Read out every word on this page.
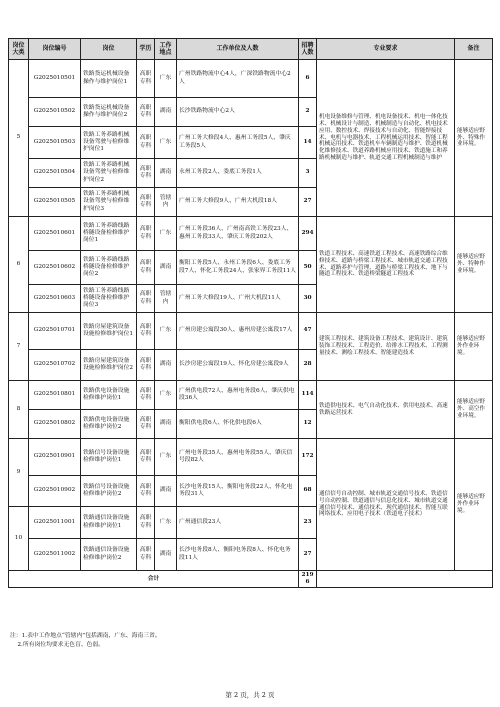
岗位大类	岗位编号	岗位	学历	工作地点	工作单位及人数	招聘人数	专业要求	备注
5	G2025010501	铁路货运机械设备操作与维护岗位1	高职专科	广东	广州铁路物流中心4人，广深铁路物流中心2人	6	机电设备维修与管理、机电设备技术、机电一体化技术、机械设计与制造、机械制造与自动化、机电技术应用、数控技术、焊接技术与自动化、智能焊接技术、电机与电器技术、工程机械运用技术、智能工程机械运用技术、铁道机车车辆制造与维护、铁道机械化维修技术、铁道养路机械应用技术、铁道施工和养路机械制造与维护、轨道交通工程机械制造与维护	能够适应野外、特殊作业环境。
	G2025010502	铁路货运机械设备操作与维护岗位2	高职专科	湖南	长沙铁路物流中心2人	2		
	G2025010503	铁路工务养路机械设备驾驶与检修维护岗位1	高职专科	广东	广州工务大修段4人、惠州工务段5人、肇庆工务段5人	14		
	G2025010504	铁路工务养路机械设备驾驶与检修维护岗位2	高职专科	湖南	永州工务段2人、娄底工务段1人	3		
	G2025010505	铁路工务养路机械设备驾驶与检修维护岗位3	高职专科	管辖内	广州工务大修段9人、广州大机段18人	27		
6	G2025010601	铁路工务养路线路桥隧设备检修维护岗位1	高职专科	广东	广州工务段36人、广州南高铁工务段23人、惠州工务段33人、肇庆工务段202人	294	铁道工程技术、高速铁道工程技术、高速铁路综合维修技术、道路与桥梁工程技术、城市轨道交通工程技术、道路养护与管理、道路与桥梁工程技术、地下与隧道工程技术、铁道桥梁隧道工程技术	能够适应野外、特种作业环境。
	G2025010602	铁路工务养路线路桥隧设备检修维护岗位2	高职专科	湖南	衡阳工务段5人、永州工务段6人、娄底工务段7人、怀化工务段24人、张家界工务段11人	50		
	G2025010603	铁路工务养路线路桥隧设备检修维护岗位3	高职专科	管辖内	广州工务大修段19人、广州大机段11人	30		
7	G2025010701	铁路房屋建筑设备设施检修维护岗位1	高职专科	广东	广州房建公寓段30人、惠州房建公寓段17人	47	建筑工程技术、建筑设备工程技术、建筑设计、建筑装饰工程技术、工程造价、给排水工程技术、工程测量技术、测绘工程技术、智能建造技术	能够适应野外作业环境。
	G2025010702	铁路房屋建筑设备设施检修维护岗位2	高职专科	湖南	长沙房建公寓段19人、怀化房建公寓段9人	28		
8	G2025010801	铁路供电设备设施检修维护岗位1	高职专科	广东	广州供电段72人、惠州电务段6人、肇庆供电段36人	114	铁道供电技术、电气自动化技术、供用电技术、高速铁路运营技术	能够适应野外、高空作业环境。
	G2025010802	铁路供电设备设施检修维护岗位2	高职专科	湖南	衡阳供电段6人、怀化供电段6人	12		
9	G2025010901	铁路信号设备设施检修维护岗位1	高职专科	广东	广州电务段35人、惠州电务段55人、肇庆信号段82人	172	通信信号自动控制、城市轨道交通信号技术、铁道信号自动控制、铁道通信与信息化技术、城市轨道交通通信信号技术、通信技术、现代通信技术、智能互联网络技术、应用电子技术（铁道电子技术）	能够适应野外作业环境。
	G2025010902	铁路信号设备设施检修维护岗位2	高职专科	湖南	长沙电务段15人、衡阳电务段22人、怀化电务段31人	68		
10	G2025011001	铁路通信设备设施检修维护岗位1	高职专科	广东	广州通信段23人	23		
	G2025011002	铁路通信设备设施检修维护岗位2	高职专科	湖南	长沙电务段8人、衡阳电务段8人、怀化电务段11人	27		
合计						2196		
注：1.表中工作地点“管辖内”包括湖南、广东、海南三省。
2.所有岗位均要求无色盲、色弱。
第 2 页，共 2 页
